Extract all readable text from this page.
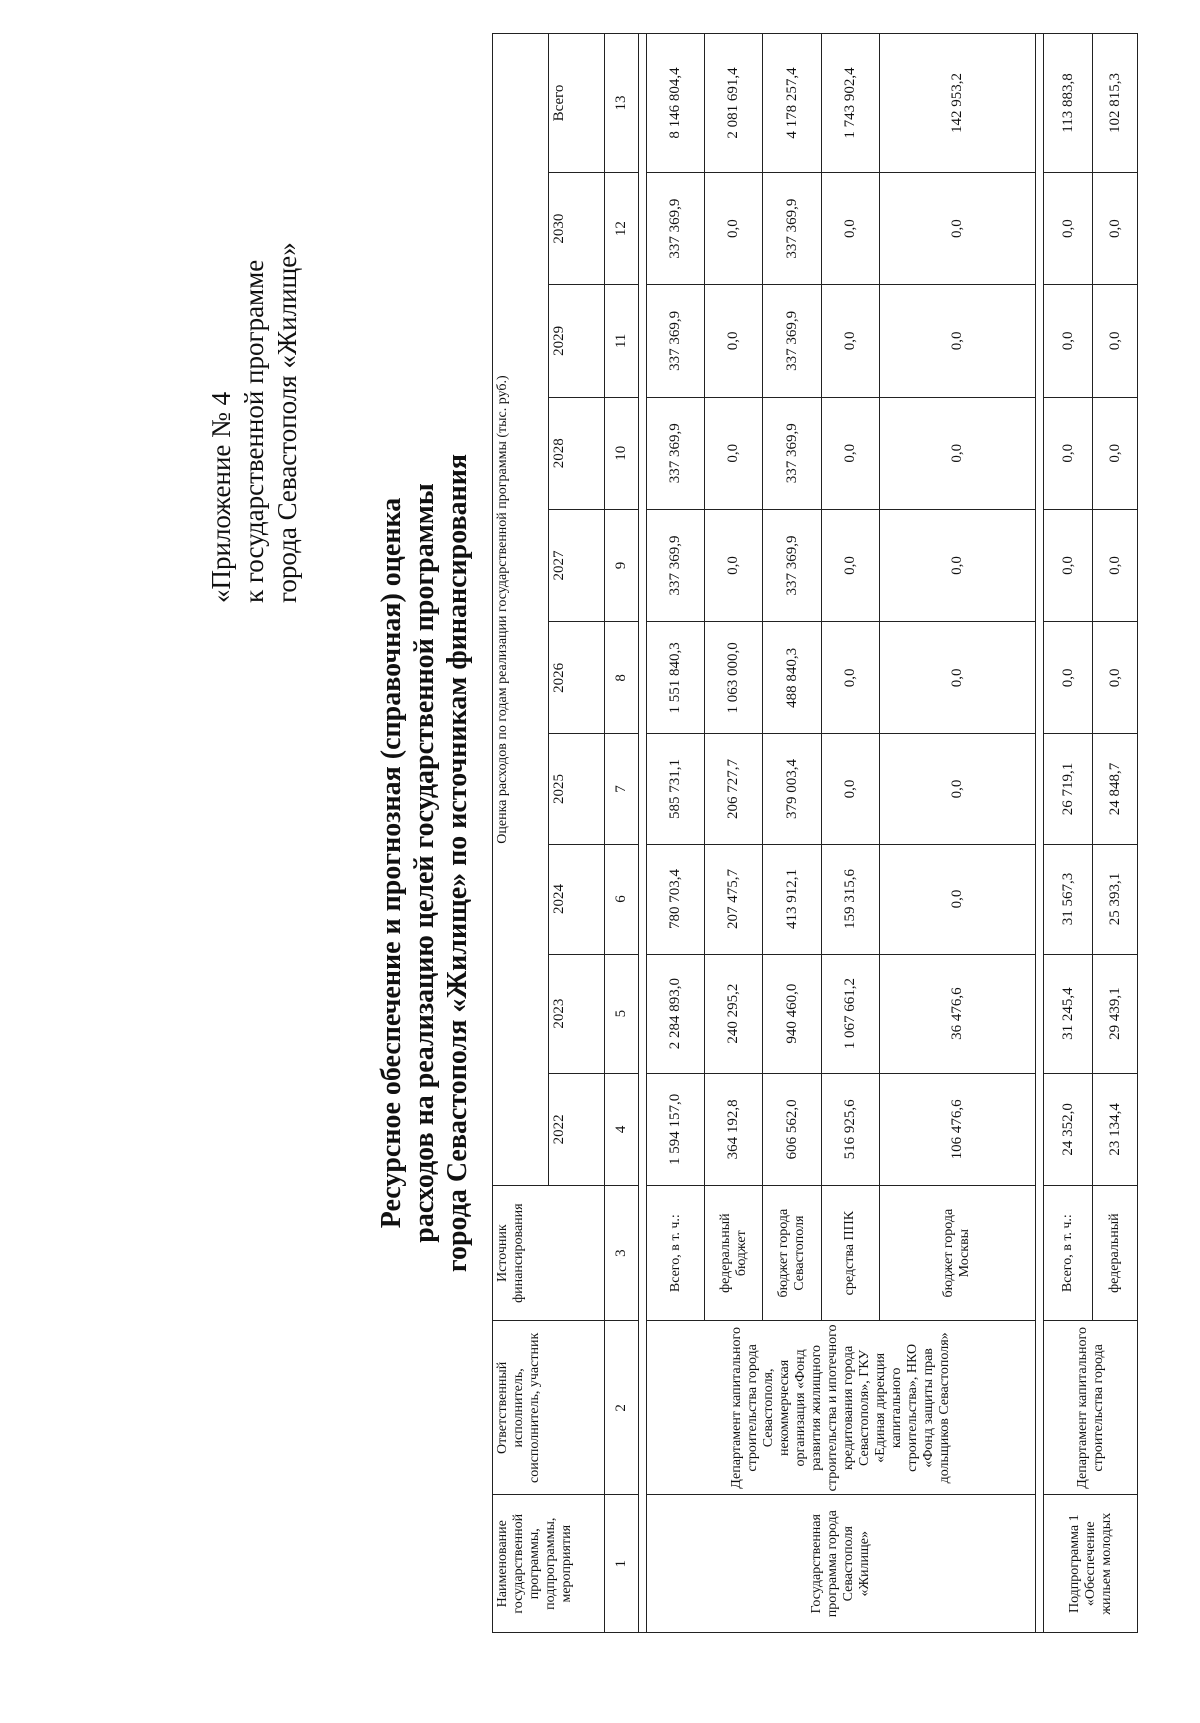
«Приложение № 4 к государственной программе города Севастополя «Жилище»
Ресурсное обеспечение и прогнозная (справочная) оценка расходов на реализацию целей государственной программы города Севастополя «Жилище» по источникам финансирования
Наименование государственной программы, подпрограммы, мероприятия	Ответственный исполнитель, соисполнитель, участник	Источник финансирования	Оценка расходов по годам реализации государственной программы (тыс. руб.)									
			2022	2023	2024	2025	2026	2027	2028	2029	2030	Всего
1	2	3	4	5	6	7	8	9	10	11	12	13

Государственная программа города Севастополя «Жилище»	Департамент капитального строительства города Севастополя, некоммерческая организация «Фонд развития жилищного строительства и ипотечного кредитования города Севастополя», ГКУ «Единая дирекция капитального строительства», НКО «Фонд защиты прав дольщиков Севастополя»	Всего, в т. ч.:	1 594 157,0	2 284 893,0	780 703,4	585 731,1	1 551 840,3	337 369,9	337 369,9	337 369,9	337 369,9	8 146 804,4
		федеральный бюджет	364 192,8	240 295,2	207 475,7	206 727,7	1 063 000,0	0,0	0,0	0,0	0,0	2 081 691,4
		бюджет города Севастополя	606 562,0	940 460,0	413 912,1	379 003,4	488 840,3	337 369,9	337 369,9	337 369,9	337 369,9	4 178 257,4
		средства ППК	516 925,6	1 067 661,2	159 315,6	0,0	0,0	0,0	0,0	0,0	0,0	1 743 902,4
		бюджет города Москвы	106 476,6	36 476,6	0,0	0,0	0,0	0,0	0,0	0,0	0,0	142 953,2

Подпрограмма 1 «Обеспечение жильем молодых	Департамент капитального строительства города	Всего, в т. ч.:	24 352,0	31 245,4	31 567,3	26 719,1	0,0	0,0	0,0	0,0	0,0	113 883,8
		федеральный	23 134,4	29 439,1	25 393,1	24 848,7	0,0	0,0	0,0	0,0	0,0	102 815,3
